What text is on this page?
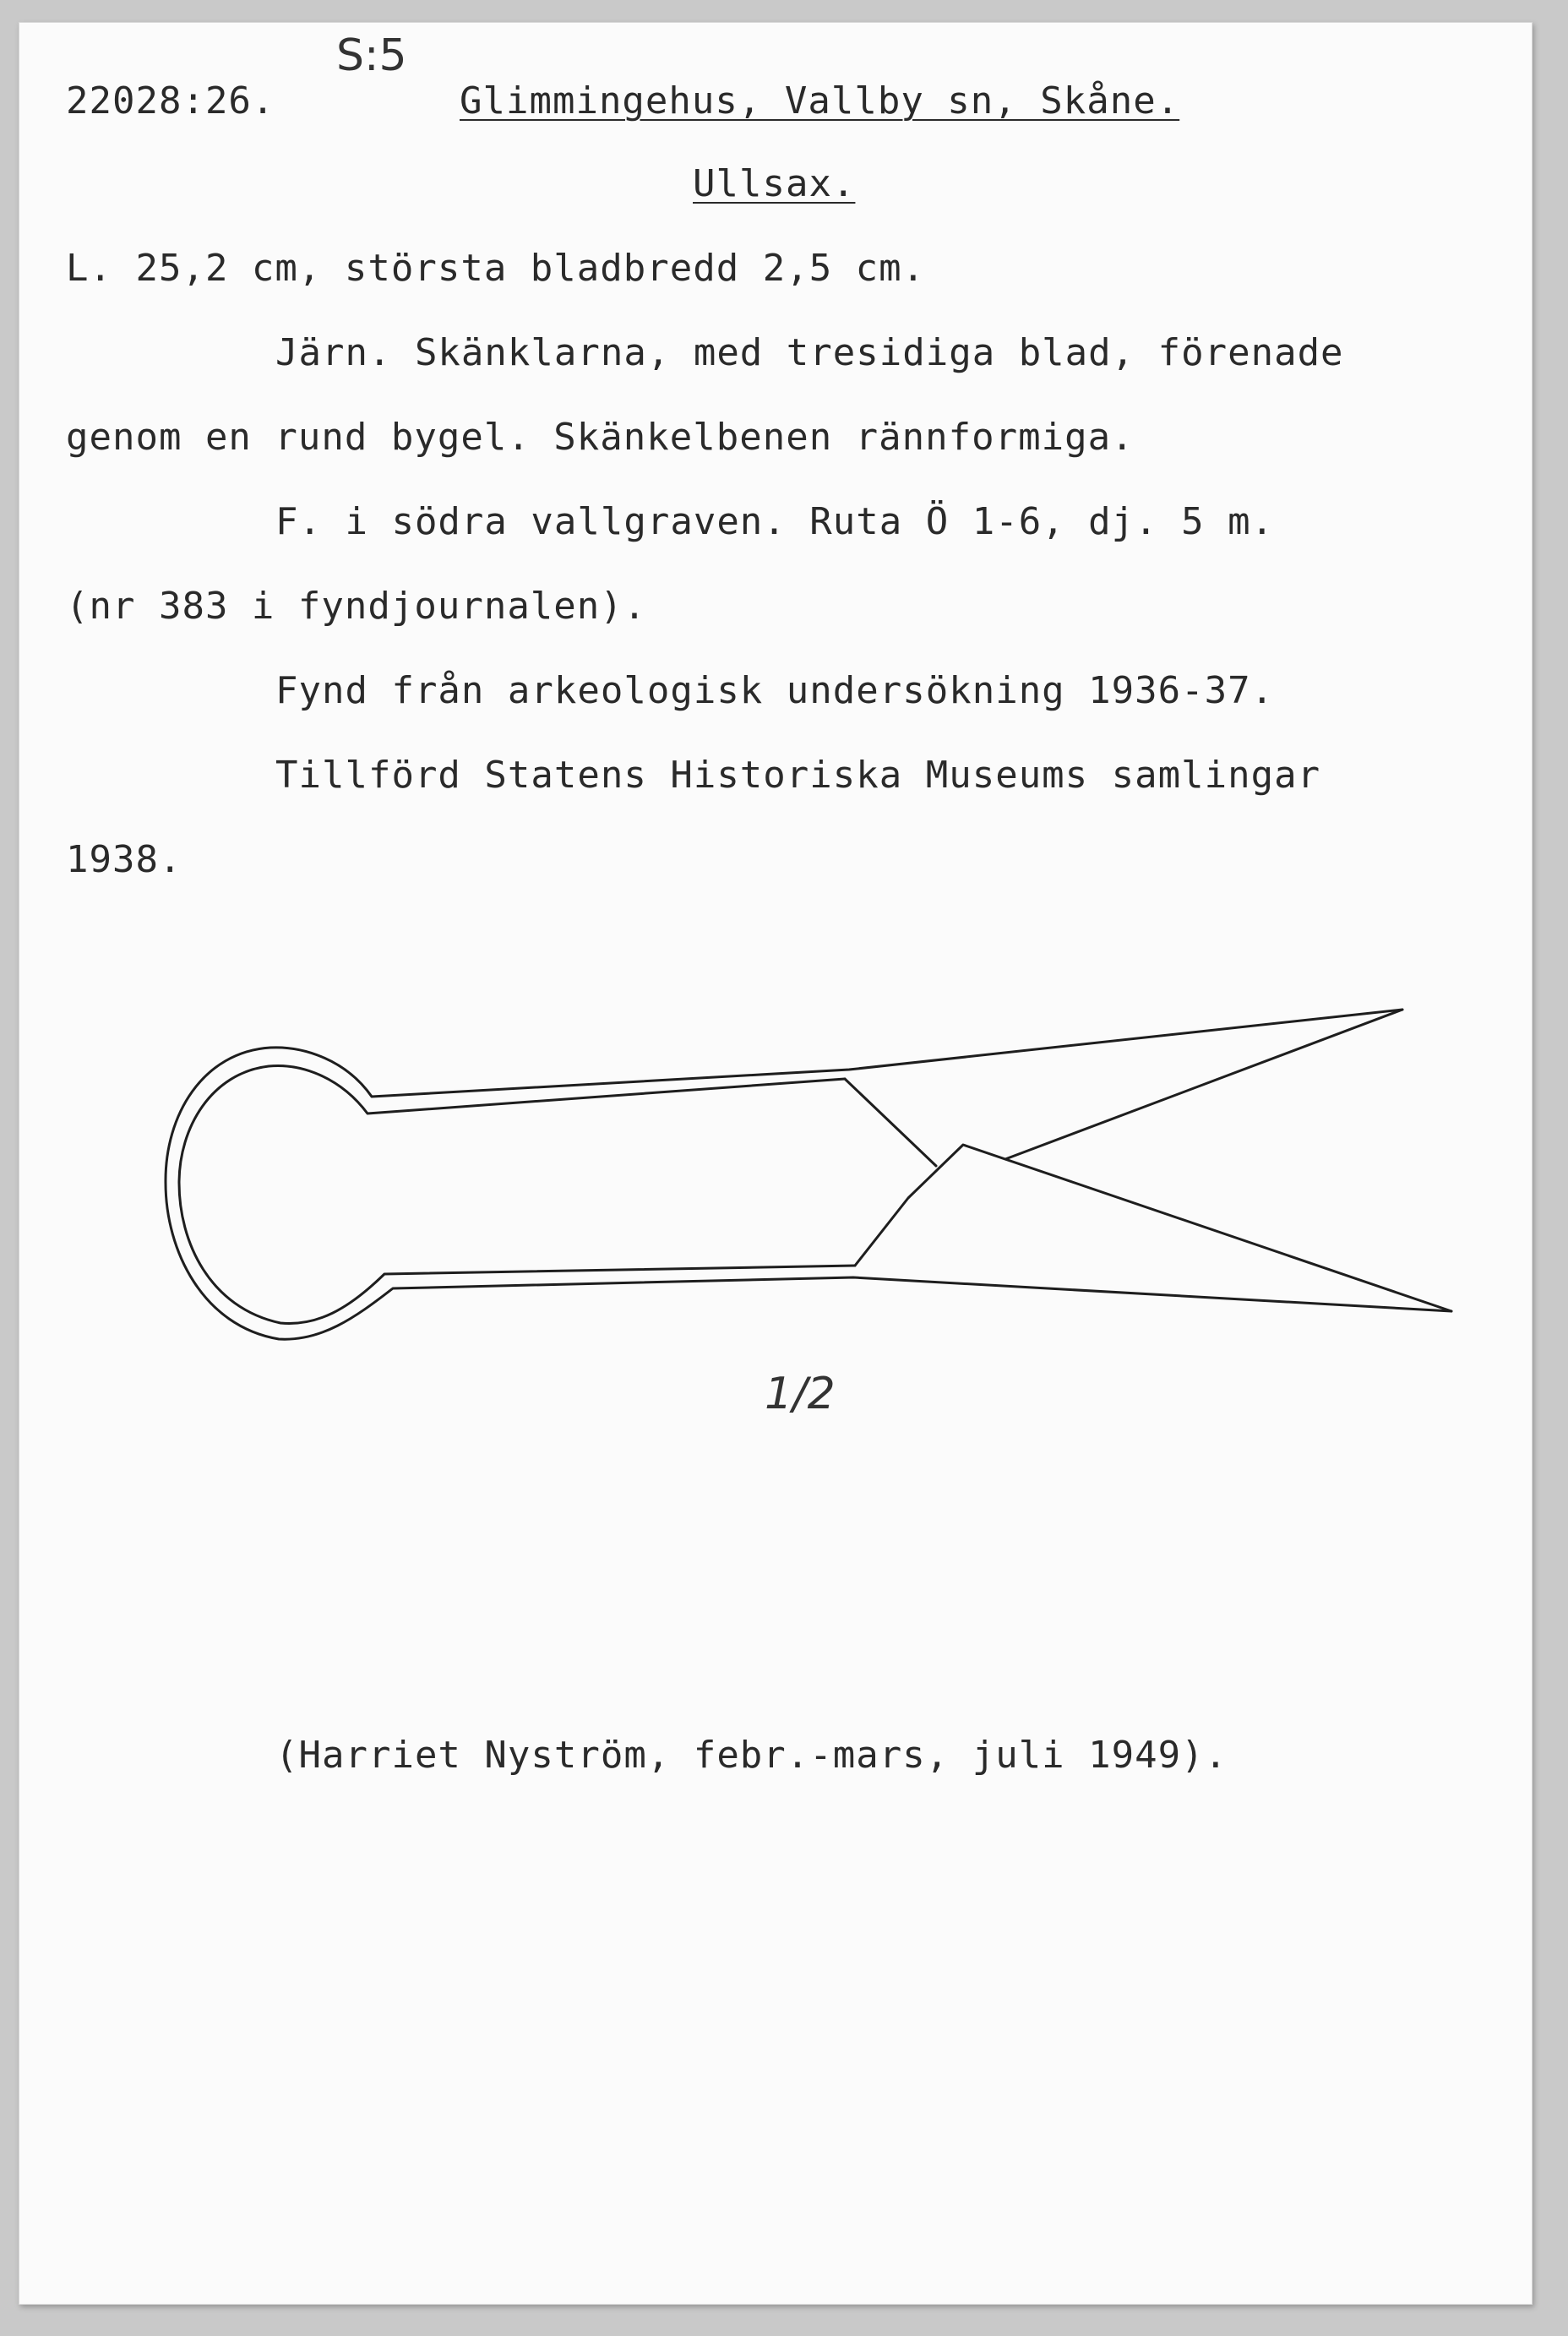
22028:26.
S:5
Glimmingehus, Vallby sn, Skåne.
Ullsax.
L. 25,2 cm, största bladbredd 2,5 cm.
Järn. Skänklarna, med tresidiga blad, förenade
genom en rund bygel. Skänkelbenen rännformiga.
F. i södra vallgraven. Ruta Ö 1-6, dj. 5 m.
(nr 383 i fyndjournalen).
Fynd från arkeologisk undersökning 1936-37.
Tillförd Statens Historiska Museums samlingar
1938.
1/2
(Harriet Nyström, febr.-mars, juli 1949).
